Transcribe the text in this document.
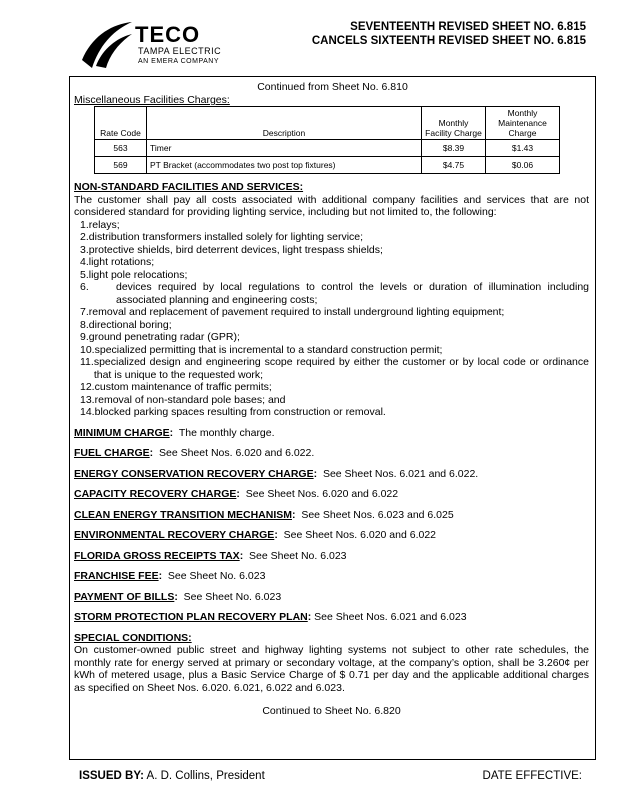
TECO
TAMPA ELECTRIC
AN EMERA COMPANY
SEVENTEENTH REVISED SHEET NO. 6.815
CANCELS SIXTEENTH REVISED SHEET NO. 6.815
Continued from Sheet No. 6.810
Miscellaneous Facilities Charges:
Rate Code	Description	Monthly Facility Charge	Monthly Maintenance Charge
563	Timer	$8.39	$1.43
569	PT Bracket (accommodates two post top fixtures)	$4.75	$0.06
NON-STANDARD FACILITIES AND SERVICES:
The customer shall pay all costs associated with additional company facilities and services that are not considered standard for providing lighting service, including but not limited to, the following:
1. relays;
2. distribution transformers installed solely for lighting service;
3. protective shields, bird deterrent devices, light trespass shields;
4. light rotations;
5. light pole relocations;
6.	devices required by local regulations to control the levels or duration of illumination including associated planning and engineering costs;
7. removal and replacement of pavement required to install underground lighting equipment;
8. directional boring;
9. ground penetrating radar (GPR);
10. specialized permitting that is incremental to a standard construction permit;
11. specialized design and engineering scope required by either the customer or by local code or ordinance that is unique to the requested work;
12. custom maintenance of traffic permits;
13. removal of non-standard pole bases; and
14. blocked parking spaces resulting from construction or removal.
MINIMUM CHARGE:  The monthly charge.
FUEL CHARGE:  See Sheet Nos. 6.020 and 6.022.
ENERGY CONSERVATION RECOVERY CHARGE:  See Sheet Nos. 6.021 and 6.022.
CAPACITY RECOVERY CHARGE:  See Sheet Nos. 6.020 and 6.022
CLEAN ENERGY TRANSITION MECHANISM:  See Sheet Nos. 6.023 and 6.025
ENVIRONMENTAL RECOVERY CHARGE:  See Sheet Nos. 6.020 and 6.022
FLORIDA GROSS RECEIPTS TAX:  See Sheet No. 6.023
FRANCHISE FEE:  See Sheet No. 6.023
PAYMENT OF BILLS:  See Sheet No. 6.023
STORM PROTECTION PLAN RECOVERY PLAN: See Sheet Nos. 6.021 and 6.023
SPECIAL CONDITIONS:
On customer-owned public street and highway lighting systems not subject to other rate schedules, the monthly rate for energy served at primary or secondary voltage, at the company’s option, shall be 3.260¢ per kWh of metered usage, plus a Basic Service Charge of $ 0.71 per day and the applicable additional charges as specified on Sheet Nos. 6.020. 6.021, 6.022 and 6.023.
Continued to Sheet No. 6.820
ISSUED BY: A. D. Collins, President	DATE EFFECTIVE:
